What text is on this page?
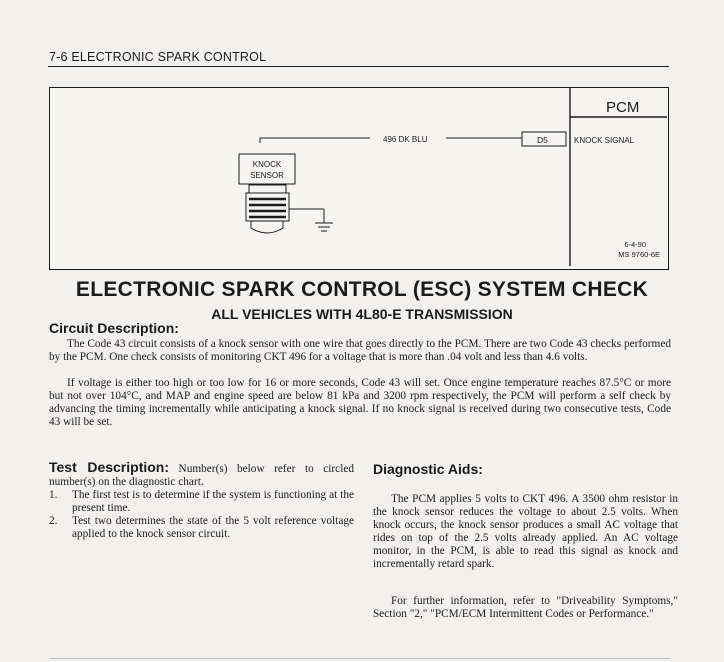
7-6 ELECTRONIC SPARK CONTROL
PCM
496 DK BLU	D5	KNOCK SIGNAL
KNOCK
SENSOR
6-4-90
MS 9760-6E
ELECTRONIC SPARK CONTROL (ESC) SYSTEM CHECK
ALL VEHICLES WITH 4L80-E TRANSMISSION
Circuit Description:
The Code 43 circuit consists of a knock sensor with one wire that goes directly to the PCM. There are two Code 43 checks performed by the PCM. One check consists of monitoring CKT 496 for a voltage that is more than .04 volt and less than 4.6 volts.
If voltage is either too high or too low for 16 or more seconds, Code 43 will set. Once engine temperature reaches 87.5°C or more but not over 104°C, and MAP and engine speed are below 81 kPa and 3200 rpm respectively, the PCM will perform a self check by advancing the timing incrementally while anticipating a knock signal. If no knock signal is received during two consecutive tests, Code 43 will be set.
Test Description: Number(s) below refer to circled number(s) on the diagnostic chart.
1. The first test is to determine if the system is functioning at the present time.
2. Test two determines the state of the 5 volt reference voltage applied to the knock sensor circuit.
Diagnostic Aids:
The PCM applies 5 volts to CKT 496. A 3500 ohm resistor in the knock sensor reduces the voltage to about 2.5 volts. When knock occurs, the knock sensor produces a small AC voltage that rides on top of the 2.5 volts already applied. An AC voltage monitor, in the PCM, is able to read this signal as knock and incrementally retard spark.
For further information, refer to "Driveability Symptoms," Section "2," "PCM/ECM Intermittent Codes or Performance."
